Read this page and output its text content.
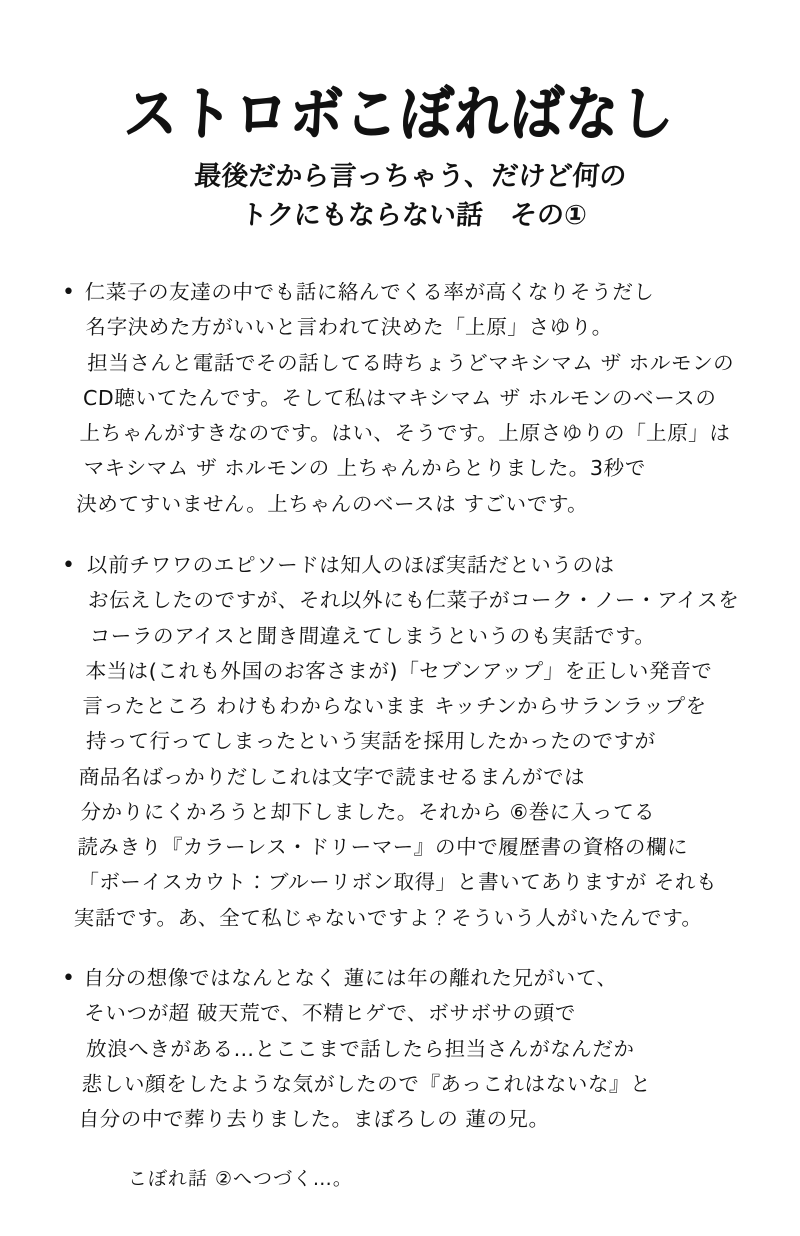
ストロボこぼればなし
最後だから言っちゃう、だけど何の
トクにもならない話　その①
• 仁菜子の友達の中でも話に絡んでくる率が高くなりそうだし
名字決めた方がいいと言われて決めた「上原」さゆり。
担当さんと電話でその話してる時ちょうどマキシマム ザ ホルモンの
CD聴いてたんです。そして私はマキシマム ザ ホルモンのベースの
上ちゃんがすきなのです。はい、そうです。上原さゆりの「上原」は
マキシマム ザ ホルモンの 上ちゃんからとりました。3秒で
決めてすいません。上ちゃんのベースは すごいです。
• 以前チワワのエピソードは知人のほぼ実話だというのは
お伝えしたのですが、それ以外にも仁菜子がコーク・ノー・アイスを
コーラのアイスと聞き間違えてしまうというのも実話です。
本当は(これも外国のお客さまが)「セブンアップ」を正しい発音で
言ったところ わけもわからないまま キッチンからサランラップを
持って行ってしまったという実話を採用したかったのですが
商品名ばっかりだしこれは文字で読ませるまんがでは
分かりにくかろうと却下しました。それから ⑥巻に入ってる
読みきり『カラーレス・ドリーマー』の中で履歴書の資格の欄に
「ボーイスカウト：ブルーリボン取得」と書いてありますが それも
実話です。あ、全て私じゃないですよ？そういう人がいたんです。
• 自分の想像ではなんとなく 蓮には年の離れた兄がいて、
そいつが超 破天荒で、不精ヒゲで、ボサボサの頭で
放浪へきがある…とここまで話したら担当さんがなんだか
悲しい顔をしたような気がしたので『あっこれはないな』と
自分の中で葬り去りました。まぼろしの 蓮の兄。
こぼれ話 ②へつづく…。
